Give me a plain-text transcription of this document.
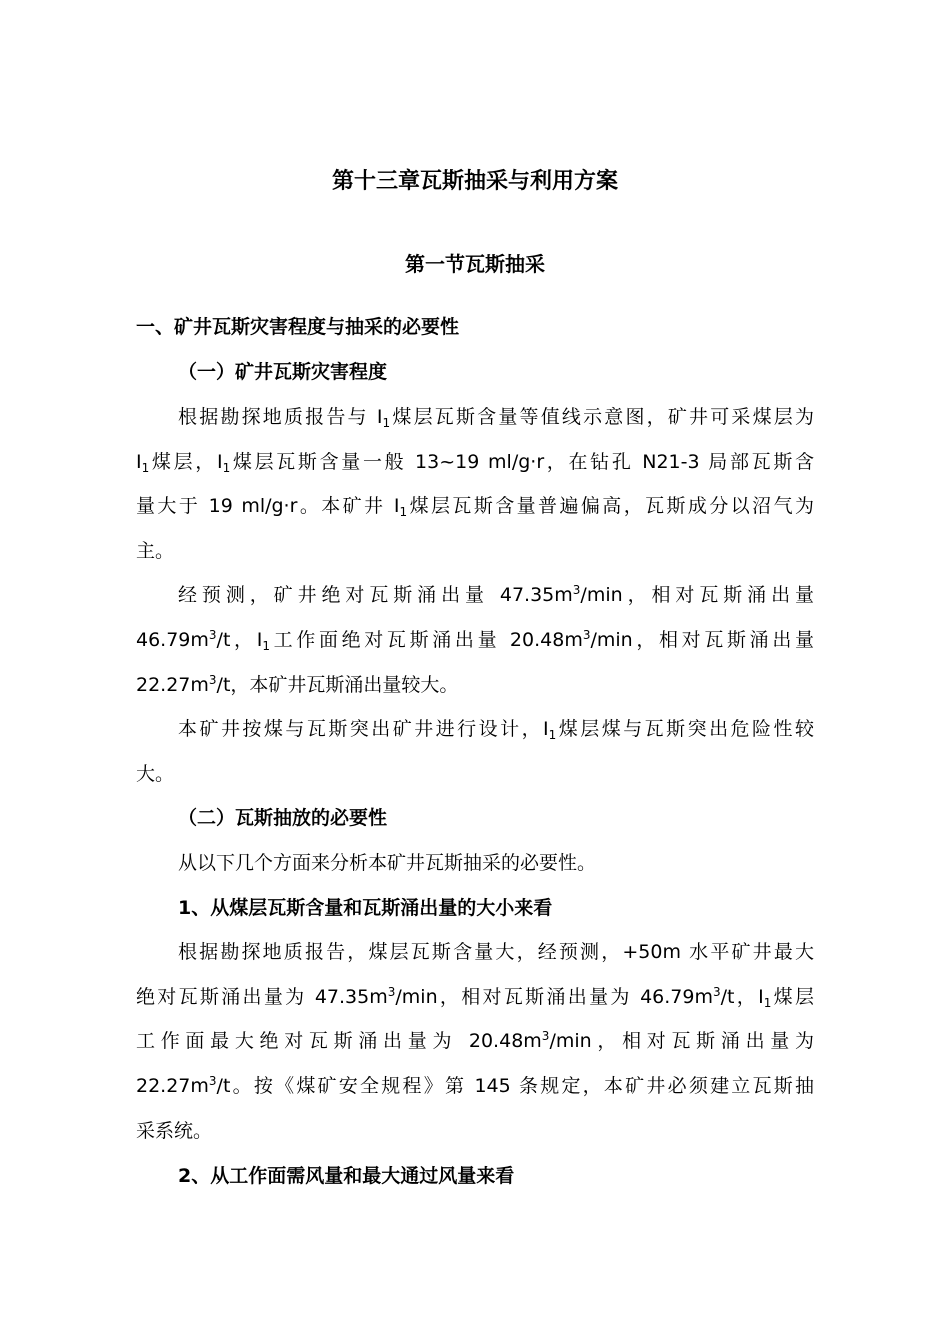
第十三章瓦斯抽采与利用方案
第一节瓦斯抽采
一、矿井瓦斯灾害程度与抽采的必要性
（一）矿井瓦斯灾害程度
根据勘探地质报告与 $I_1$煤层瓦斯含量等值线示意图，矿井可采煤层为
$I_1$煤层，$I_1$煤层瓦斯含量一般 13~19 ml/g·r，在钻孔 N21-3 局部瓦斯含
量大于 19 ml/g·r。本矿井 $I_1$煤层瓦斯含量普遍偏高，瓦斯成分以沼气为
主。
经预测，矿井绝对瓦斯涌出量 $47.35m^3/\min$，相对瓦斯涌出量
$46.79m^3/t$，$I_1$工作面绝对瓦斯涌出量 $20.48m^3/\min$，相对瓦斯涌出量
$22.27m^3/t$，本矿井瓦斯涌出量较大。
本矿井按煤与瓦斯突出矿井进行设计，$I_1$煤层煤与瓦斯突出危险性较
大。
（二）瓦斯抽放的必要性
从以下几个方面来分析本矿井瓦斯抽采的必要性。
1、从煤层瓦斯含量和瓦斯涌出量的大小来看
根据勘探地质报告，煤层瓦斯含量大，经预测，+50m 水平矿井最大
绝对瓦斯涌出量为 $47.35m^3/\min$，相对瓦斯涌出量为 $46.79m^3/t$，$I_1$煤层
工作面最大绝对瓦斯涌出量为 $20.48m^3/\min$，相对瓦斯涌出量为
$22.27m^3/t$。按《煤矿安全规程》第 145 条规定，本矿井必须建立瓦斯抽
采系统。
2、从工作面需风量和最大通过风量来看
